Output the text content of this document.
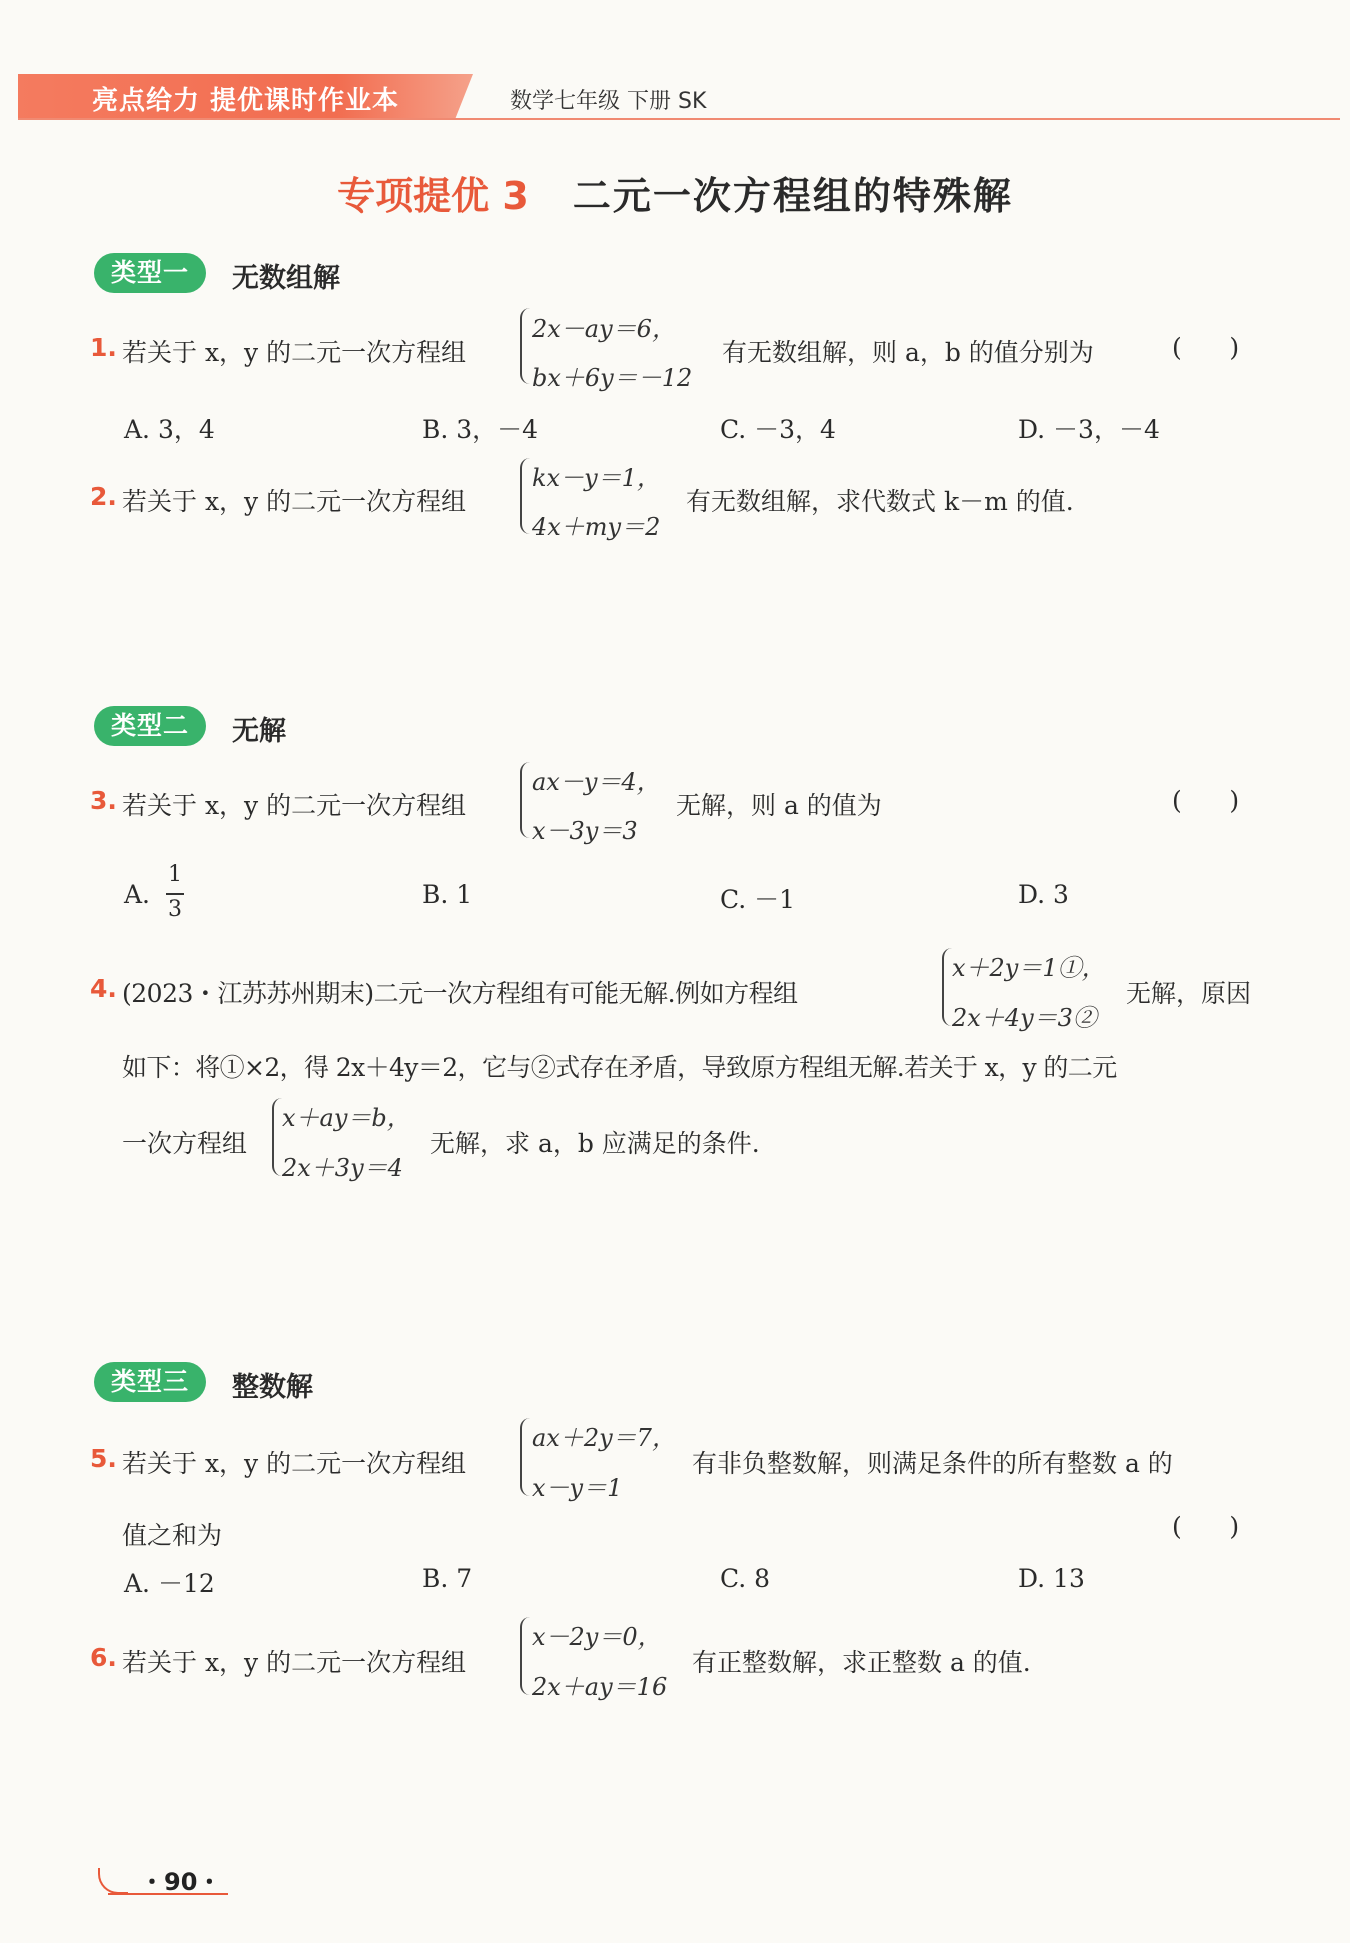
亮点给力 提优课时作业本	数学七年级 下册 SK
专项提优 3 二元一次方程组的特殊解
类型一	无数组解
1. 若关于 x，y 的二元一次方程组
2x－ay＝6，
bx＋6y＝－12
有无数组解，则 a，b 的值分别为	(      )
A. 3，4	B. 3，－4	C. －3，4	D. －3，－4
2. 若关于 x，y 的二元一次方程组
kx－y＝1，
4x＋my＝2
有无数组解，求代数式 k－m 的值.
类型二	无解
3. 若关于 x，y 的二元一次方程组
ax－y＝4，
x－3y＝3
无解，则 a 的值为	(      )
A.
1
3
B. 1	C. －1	D. 3
4. (2023・江苏苏州期末)二元一次方程组有可能无解.例如方程组
x＋2y＝1①，
2x＋4y＝3②
无解，原因
如下：将①×2，得 2x＋4y＝2，它与②式存在矛盾，导致原方程组无解.若关于 x，y 的二元
一次方程组
x＋ay＝b，
2x＋3y＝4
无解，求 a，b 应满足的条件.
类型三	整数解
5. 若关于 x，y 的二元一次方程组
ax＋2y＝7，
x－y＝1
有非负整数解，则满足条件的所有整数 a 的
值之和为	(      )
A. －12	B. 7	C. 8	D. 13
6. 若关于 x，y 的二元一次方程组
x－2y＝0，
2x＋ay＝16
有正整数解，求正整数 a 的值.
・90・
